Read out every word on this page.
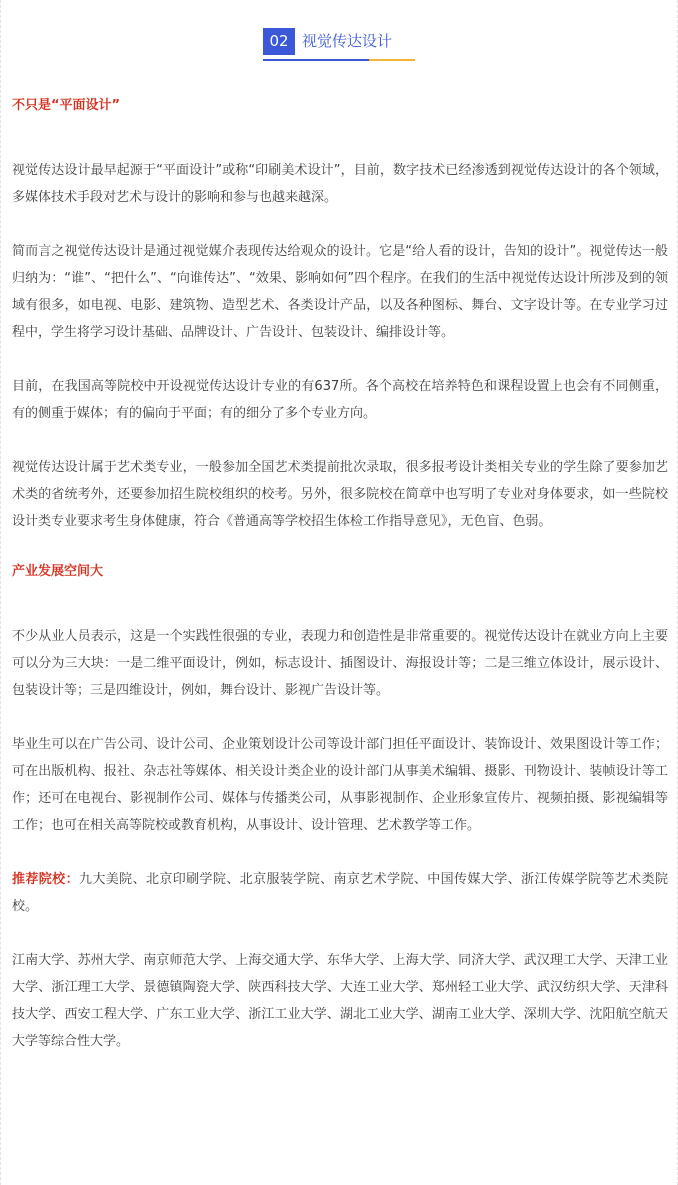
02 视觉传达设计
不只是“平面设计”

视觉传达设计最早起源于“平面设计”或称“印刷美术设计”，目前，数字技术已经渗透到视觉传达设计的各个领域，多媒体技术手段对艺术与设计的影响和参与也越来越深。

简而言之视觉传达设计是通过视觉媒介表现传达给观众的设计。它是“给人看的设计，告知的设计”。视觉传达一般归纳为：“谁”、“把什么”、“向谁传达”、“效果、影响如何”四个程序。在我们的生活中视觉传达设计所涉及到的领域有很多，如电视、电影、建筑物、造型艺术、各类设计产品，以及各种图标、舞台、文字设计等。在专业学习过程中，学生将学习设计基础、品牌设计、广告设计、包装设计、编排设计等。

目前，在我国高等院校中开设视觉传达设计专业的有637所。各个高校在培养特色和课程设置上也会有不同侧重，有的侧重于媒体；有的偏向于平面；有的细分了多个专业方向。

视觉传达设计属于艺术类专业，一般参加全国艺术类提前批次录取，很多报考设计类相关专业的学生除了要参加艺术类的省统考外，还要参加招生院校组织的校考。另外，很多院校在简章中也写明了专业对身体要求，如一些院校设计类专业要求考生身体健康，符合《普通高等学校招生体检工作指导意见》，无色盲、色弱。

产业发展空间大

不少从业人员表示，这是一个实践性很强的专业，表现力和创造性是非常重要的。视觉传达设计在就业方向上主要可以分为三大块：一是二维平面设计，例如，标志设计、插图设计、海报设计等；二是三维立体设计，展示设计、包装设计等；三是四维设计，例如，舞台设计、影视广告设计等。

毕业生可以在广告公司、设计公司、企业策划设计公司等设计部门担任平面设计、装饰设计、效果图设计等工作；可在出版机构、报社、杂志社等媒体、相关设计类企业的设计部门从事美术编辑、摄影、刊物设计、装帧设计等工作；还可在电视台、影视制作公司、媒体与传播类公司，从事影视制作、企业形象宣传片、视频拍摄、影视编辑等工作；也可在相关高等院校或教育机构，从事设计、设计管理、艺术教学等工作。

推荐院校：九大美院、北京印刷学院、北京服装学院、南京艺术学院、中国传媒大学、浙江传媒学院等艺术类院校。

江南大学、苏州大学、南京师范大学、上海交通大学、东华大学、上海大学、同济大学、武汉理工大学、天津工业大学、浙江理工大学、景德镇陶瓷大学、陕西科技大学、大连工业大学、郑州轻工业大学、武汉纺织大学、天津科技大学、西安工程大学、广东工业大学、浙江工业大学、湖北工业大学、湖南工业大学、深圳大学、沈阳航空航天大学等综合性大学。
